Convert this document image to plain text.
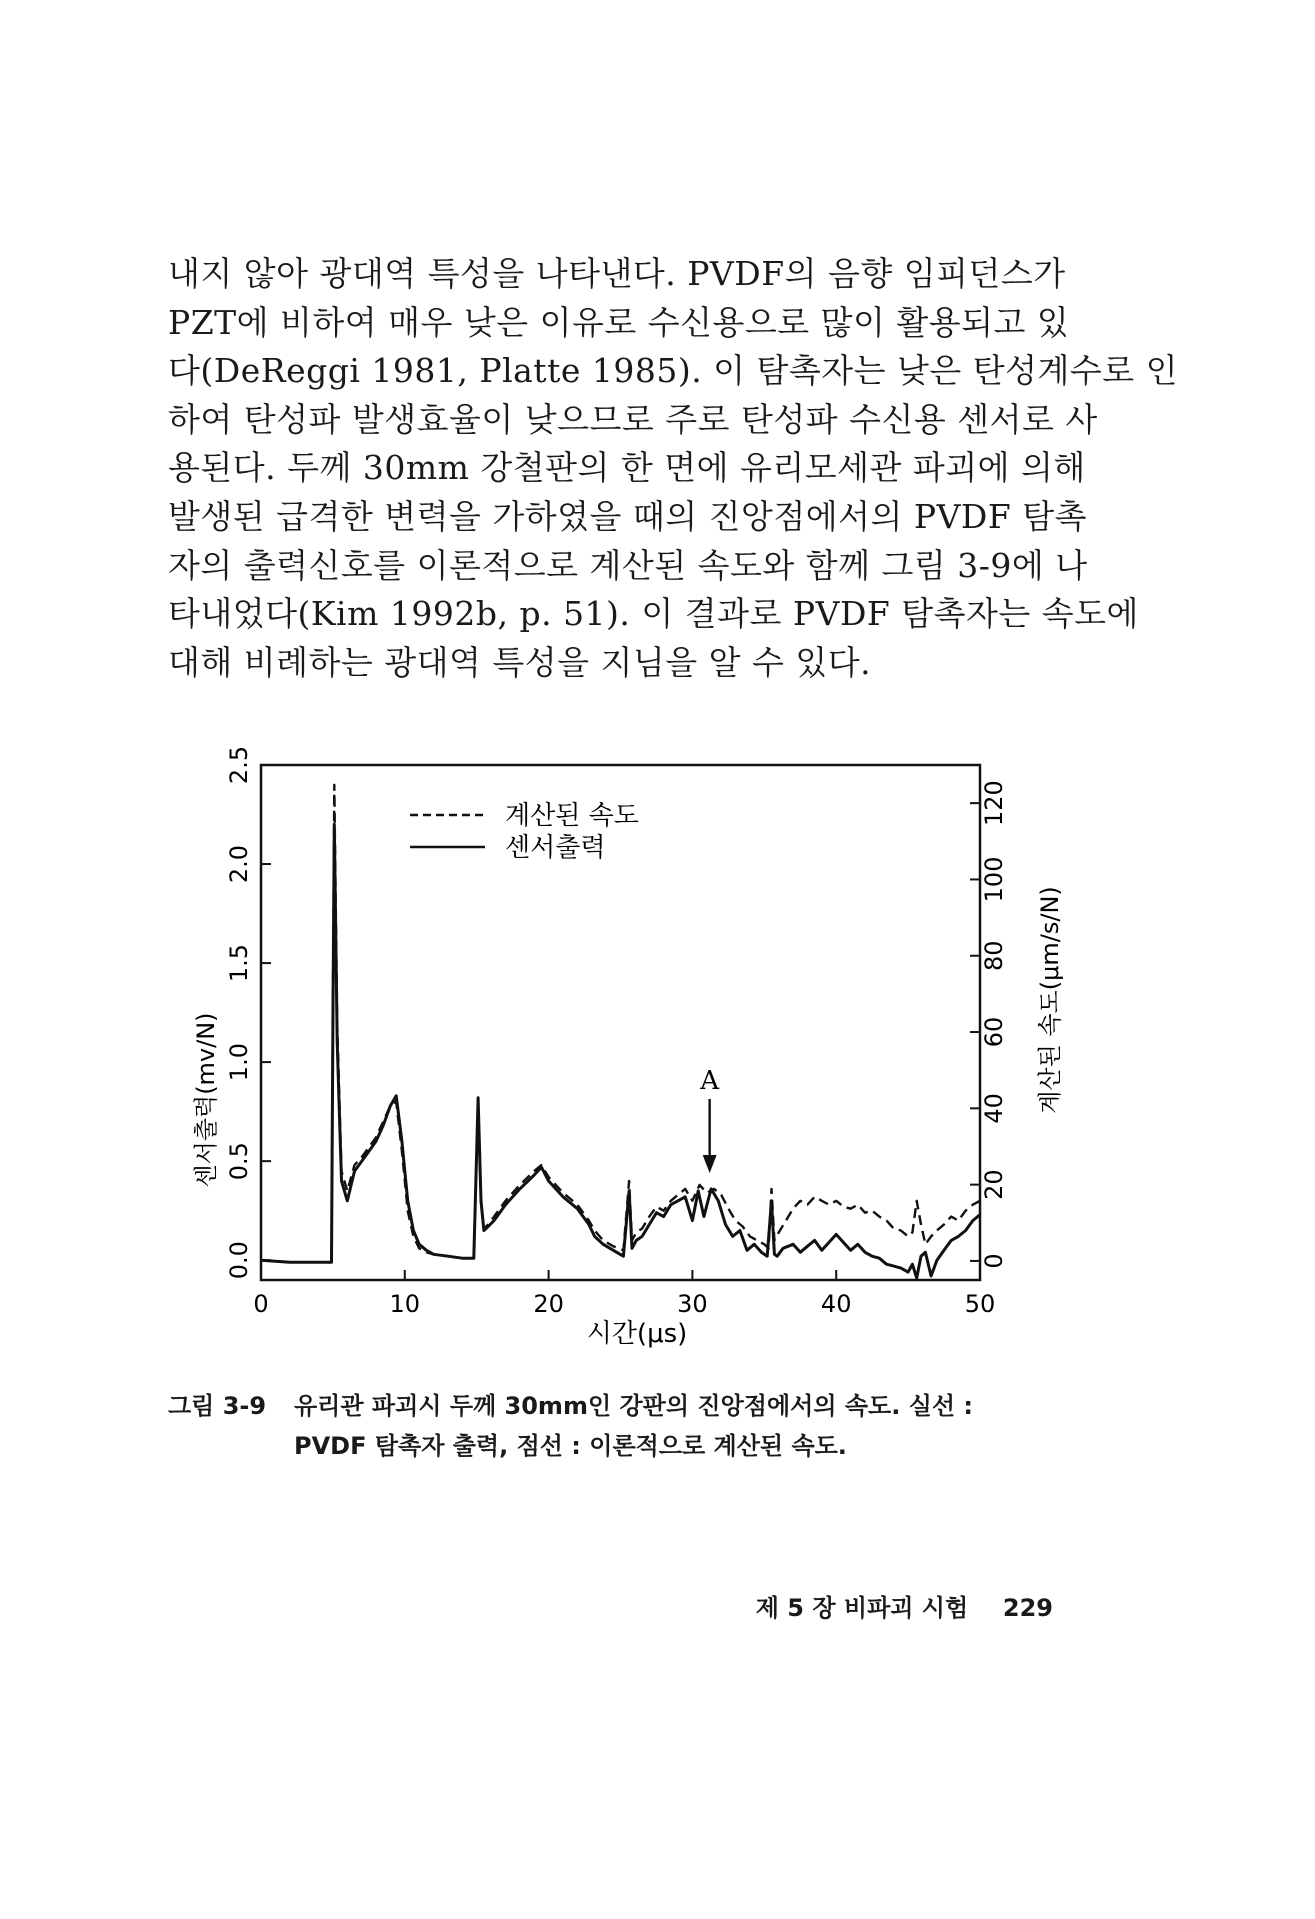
내지 않아 광대역 특성을 나타낸다. PVDF의 음향 임피던스가
PZT에 비하여 매우 낮은 이유로 수신용으로 많이 활용되고 있
다(DeReggi 1981, Platte 1985). 이 탐촉자는 낮은 탄성계수로 인
하여 탄성파 발생효율이 낮으므로 주로 탄성파 수신용 센서로 사
용된다. 두께 30mm 강철판의 한 면에 유리모세관 파괴에 의해
발생된 급격한 변력을 가하였을 때의 진앙점에서의 PVDF 탐촉
자의 출력신호를 이론적으로 계산된 속도와 함께 그림 3-9에 나
타내었다(Kim 1992b, p. 51). 이 결과로 PVDF 탐촉자는 속도에
대해 비례하는 광대역 특성을 지님을 알 수 있다.
0.0
0.5
1.0
1.5
2.0
2.5
0
20
40
60
80
100
120
0	10	20	30	40	50
계산된 속도
센서출력
A
시간(μs)
센서출력(mv/N)	계산된 속도(μm/s/N)
그림 3-9 유리관 파괴시 두께 30mm인 강판의 진앙점에서의 속도. 실선 :
PVDF 탐촉자 출력, 점선 : 이론적으로 계산된 속도.
제 5 장 비파괴 시험 229
